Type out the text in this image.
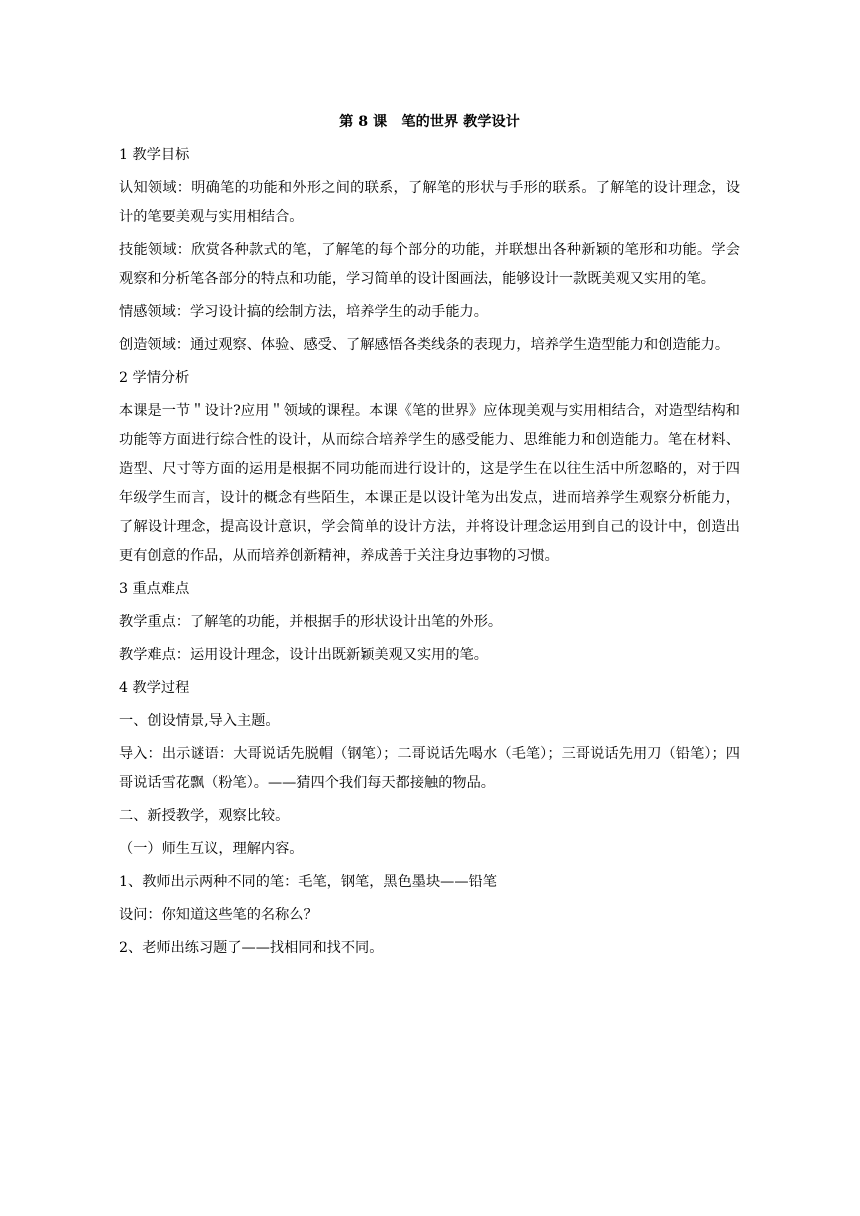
第 8 课　笔的世界 教学设计

1 教学目标

认知领域：明确笔的功能和外形之间的联系，了解笔的形状与手形的联系。了解笔的设计理念，设计的笔要美观与实用相结合。

技能领域：欣赏各种款式的笔，了解笔的每个部分的功能，并联想出各种新颖的笔形和功能。学会观察和分析笔各部分的特点和功能，学习简单的设计图画法，能够设计一款既美观又实用的笔。

情感领域：学习设计搞的绘制方法，培养学生的动手能力。

创造领域：通过观察、体验、感受、了解感悟各类线条的表现力，培养学生造型能力和创造能力。

2 学情分析

本课是一节＂设计?应用＂领域的课程。本课《笔的世界》应体现美观与实用相结合，对造型结构和功能等方面进行综合性的设计，从而综合培养学生的感受能力、思维能力和创造能力。笔在材料、造型、尺寸等方面的运用是根据不同功能而进行设计的，这是学生在以往生活中所忽略的，对于四年级学生而言，设计的概念有些陌生，本课正是以设计笔为出发点，进而培养学生观察分析能力，了解设计理念，提高设计意识，学会简单的设计方法，并将设计理念运用到自己的设计中，创造出更有创意的作品，从而培养创新精神，养成善于关注身边事物的习惯。

3 重点难点

教学重点：了解笔的功能，并根据手的形状设计出笔的外形。

教学难点：运用设计理念，设计出既新颖美观又实用的笔。

4 教学过程

一、创设情景,导入主题。

导入：出示谜语：大哥说话先脱帽（钢笔）；二哥说话先喝水（毛笔）；三哥说话先用刀（铅笔）；四哥说话雪花飘（粉笔）。——猜四个我们每天都接触的物品。

二、新授教学，观察比较。

（一）师生互议，理解内容。

1、教师出示两种不同的笔：毛笔，钢笔，黑色墨块——铅笔

设问：你知道这些笔的名称么？

2、老师出练习题了——找相同和找不同。
